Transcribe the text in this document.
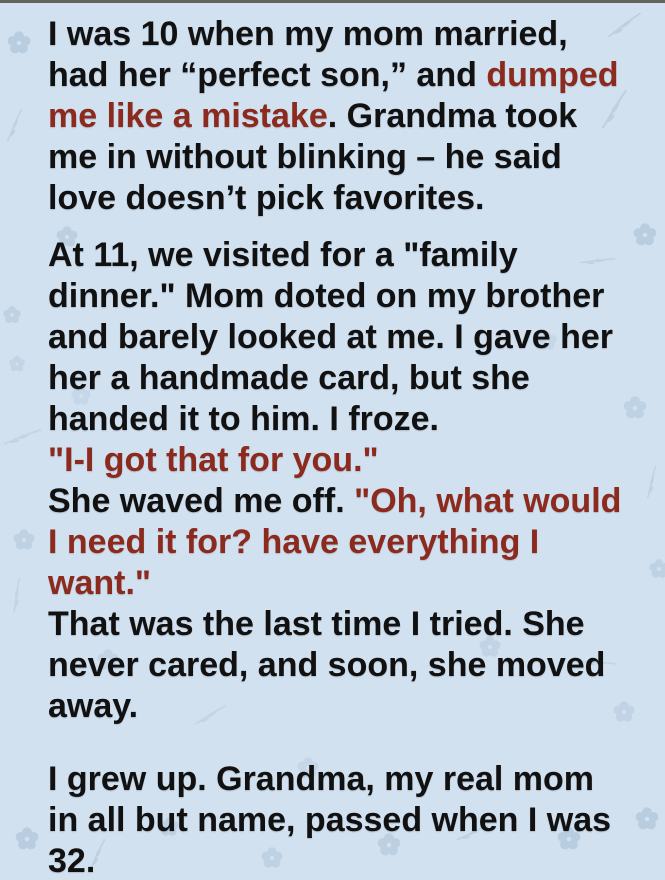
I was 10 when my mom married, had her “perfect son,” and dumped me like a mistake. Grandma took me in without blinking – he said love doesn’t pick favorites.

At 11, we visited for a "family dinner." Mom doted on my brother and barely looked at me. I gave her her a handmade card, but she handed it to him. I froze.

"I-I got that for you."

She waved me off. "Oh, what would I need it for? have everything I want."

That was the last time I tried. She never cared, and soon, she moved away.

I grew up. Grandma, my real mom in all but name, passed when I was 32.
